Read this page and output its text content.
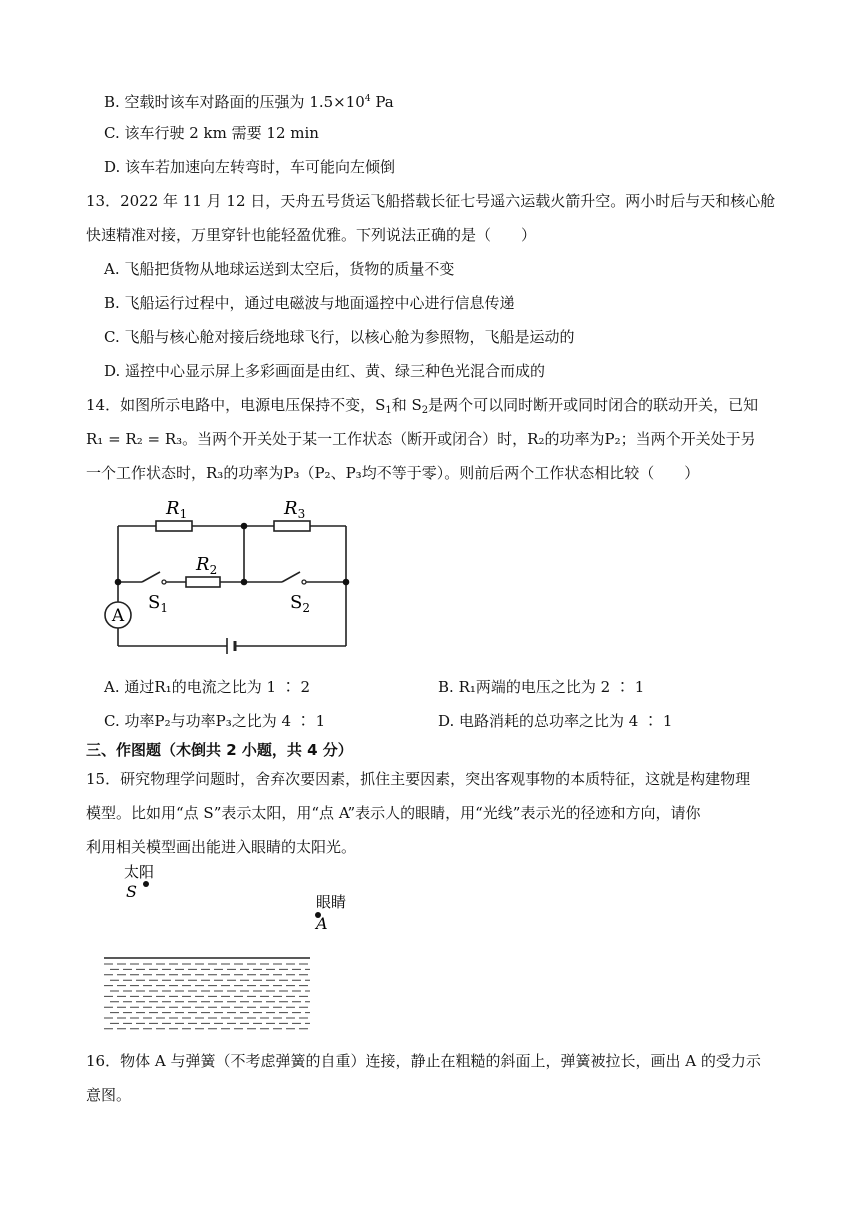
B. 空载时该车对路面的压强为 $1.5\times 10^4$ Pa
C. 该车行驶 2 km 需要 12 min
D. 该车若加速向左转弯时，车可能向左倾倒
13．2022 年 11 月 12 日，天舟五号货运飞船搭载长征七号遥六运载火箭升空。两小时后与天和核心舱
快速精准对接，万里穿针也能轻盈优雅。下列说法正确的是（　　）
A. 飞船把货物从地球运送到太空后，货物的质量不变
B. 飞船运行过程中，通过电磁波与地面遥控中心进行信息传递
C. 飞船与核心舱对接后绕地球飞行，以核心舱为参照物，飞船是运动的
D. 遥控中心显示屏上多彩画面是由红、黄、绿三种色光混合而成的
14．如图所示电路中，电源电压保持不变，$S_1$和 $S_2$是两个可以同时断开或同时闭合的联动开关，已知
R₁ = R₂ = R₃。当两个开关处于某一工作状态（断开或闭合）时，R₂的功率为P₂；当两个开关处于另
一个工作状态时，R₃的功率为P₃（P₂、P₃均不等于零）。则前后两个工作状态相比较（　　）
A
$R_1$	$R_3$
$R_2$
$S_1$	$S_2$
A. 通过R₁的电流之比为 1 ∶ 2	B. R₁两端的电压之比为 2 ∶ 1
C. 功率P₂与功率P₃之比为 4 ∶ 1	D. 电路消耗的总功率之比为 4 ∶ 1
三、作图题（木倒共 2 小题，共 4 分）
15．研究物理学问题时，舍弃次要因素，抓住主要因素，突出客观事物的本质特征，这就是构建物理
模型。比如用“点 S”表示太阳，用“点 A”表示人的眼睛，用“光线”表示光的径迹和方向，请你
利用相关模型画出能进入眼睛的太阳光。
太阳
S
眼睛
A
16．物体 A 与弹簧（不考虑弹簧的自重）连接，静止在粗糙的斜面上，弹簧被拉长，画出 A 的受力示
意图。
